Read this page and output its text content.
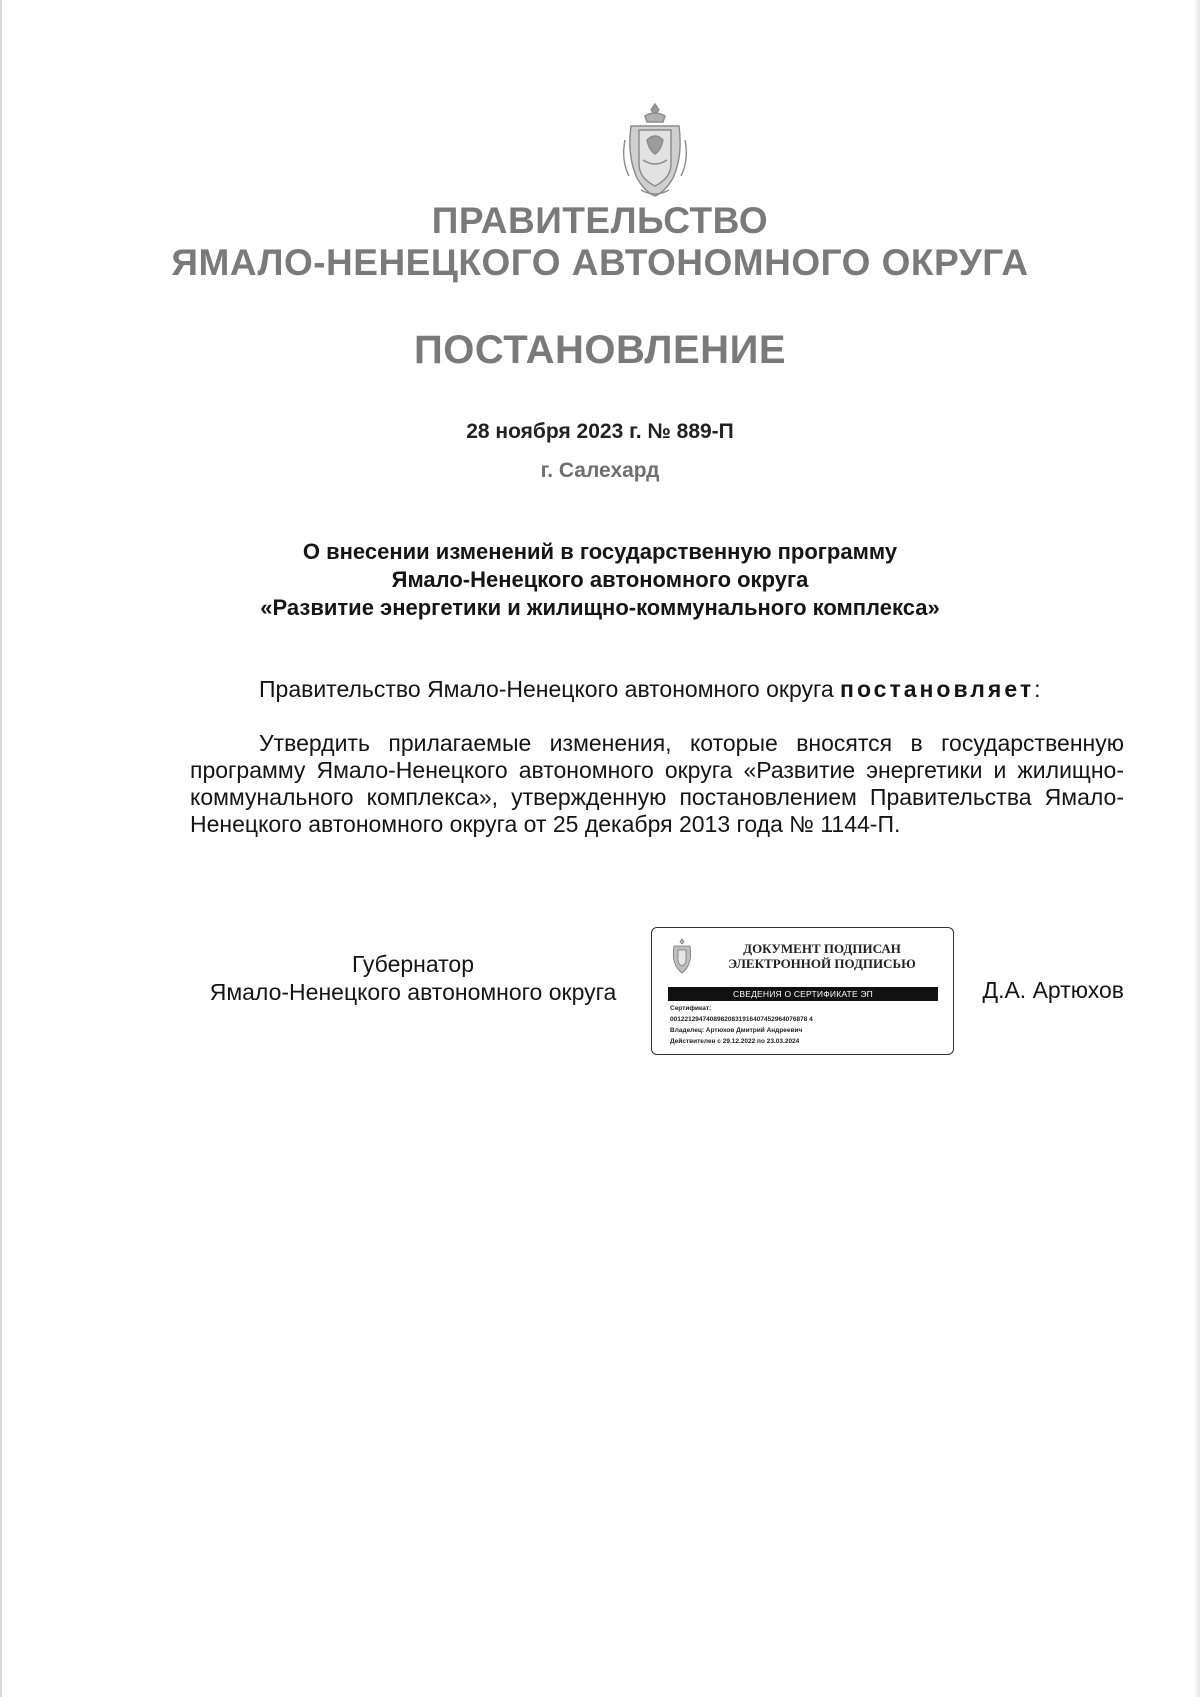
ПРАВИТЕЛЬСТВО
ЯМАЛО-НЕНЕЦКОГО АВТОНОМНОГО ОКРУГА
ПОСТАНОВЛЕНИЕ
28 ноября 2023 г. № 889-П
г. Салехард
О внесении изменений в государственную программу
Ямало-Ненецкого автономного округа
«Развитие энергетики и жилищно-коммунального комплекса»
Правительство Ямало-Ненецкого автономного округа постановляет:
Утвердить прилагаемые изменения, которые вносятся в государственную программу Ямало-Ненецкого автономного округа «Развитие энергетики и жилищно-коммунального комплекса», утвержденную постановлением Правительства Ямало-Ненецкого автономного округа от 25 декабря 2013 года № 1144-П.
Губернатор
Ямало-Ненецкого автономного округа
ДОКУМЕНТ ПОДПИСАН
ЭЛЕКТРОННОЙ ПОДПИСЬЮ
СВЕДЕНИЯ О СЕРТИФИКАТЕ ЭП
Сертификат:
00122129474089820831916407452964076878 4
Владелец: Артюхов Дмитрий Андреевич
Действителен с 29.12.2022 по 23.03.2024
Д.А. Артюхов
